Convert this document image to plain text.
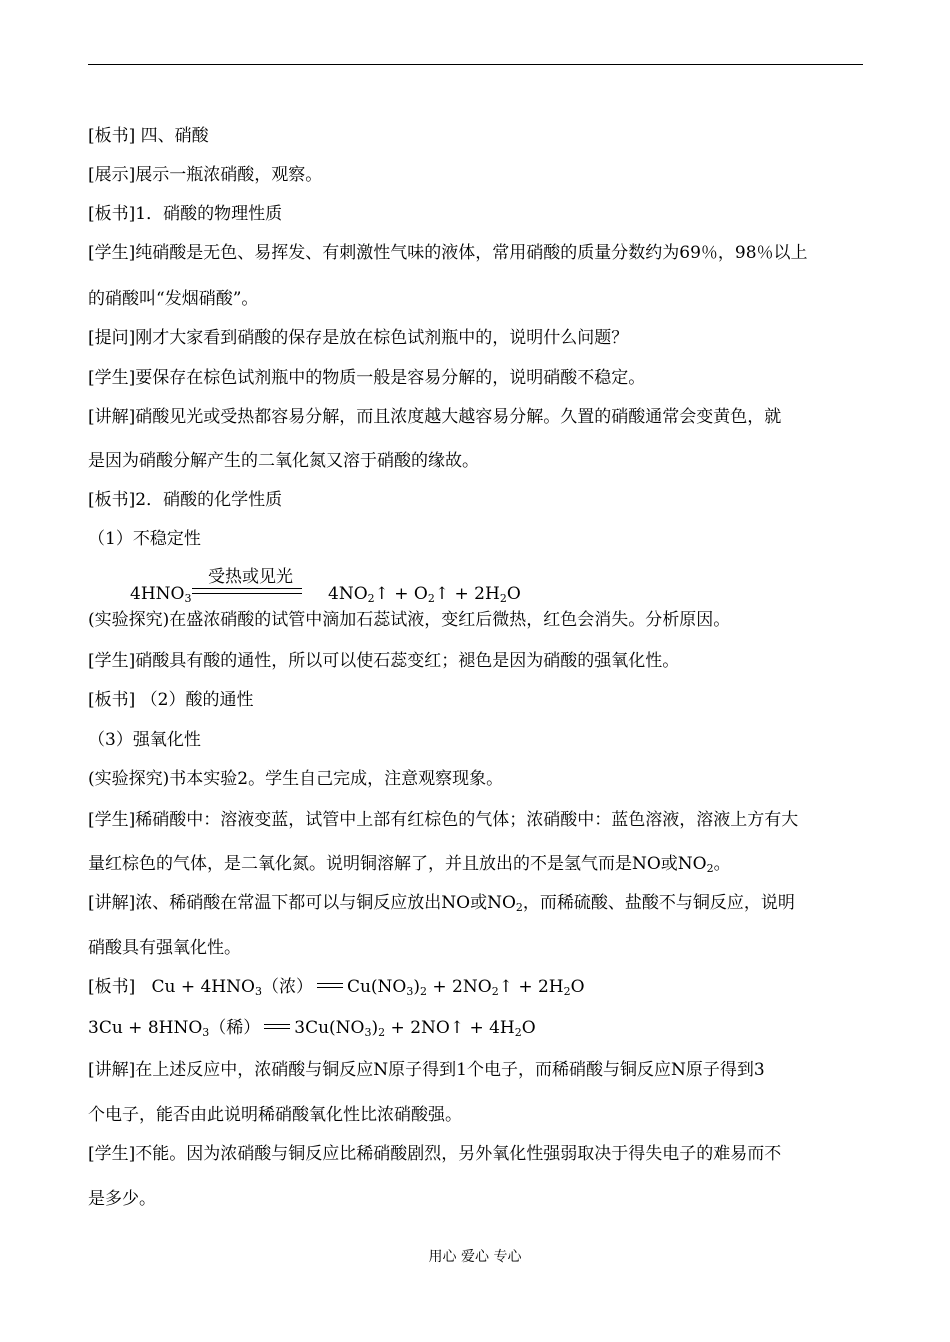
[板书] 四、硝酸
[展示]展示一瓶浓硝酸，观察。
[板书]1．硝酸的物理性质
[学生]纯硝酸是无色、易挥发、有刺激性气味的液体，常用硝酸的质量分数约为69％，98％以上
的硝酸叫“发烟硝酸”。
[提问]刚才大家看到硝酸的保存是放在棕色试剂瓶中的，说明什么问题？
[学生]要保存在棕色试剂瓶中的物质一般是容易分解的，说明硝酸不稳定。
[讲解]硝酸见光或受热都容易分解，而且浓度越大越容易分解。久置的硝酸通常会变黄色，就
是因为硝酸分解产生的二氧化氮又溶于硝酸的缘故。
[板书]2．硝酸的化学性质
（1）不稳定性
$4HNO_3$
受热或见光
$4NO_2↑$ + $O_2↑ + 2H_2O$
(实验探究)在盛浓硝酸的试管中滴加石蕊试液，变红后微热，红色会消失。分析原因。
[学生]硝酸具有酸的通性，所以可以使石蕊变红；褪色是因为硝酸的强氧化性。
[板书] （2）酸的通性
（3）强氧化性
(实验探究)书本实验2。学生自己完成，注意观察现象。
[学生]稀硝酸中：溶液变蓝，试管中上部有红棕色的气体；浓硝酸中：蓝色溶液，溶液上方有大
量红棕色的气体，是二氧化氮。说明铜溶解了，并且放出的不是氢气而是NO或$NO_2$。
[讲解]浓、稀硝酸在常温下都可以与铜反应放出NO或$NO_2$，而稀硫酸、盐酸不与铜反应，说明
硝酸具有强氧化性。
[板书] $Cu + 4HNO_3$（浓） $Cu(NO_3)_2$ + $2NO_2↑ + 2H_2O$
$3Cu + 8HNO_3$（稀） $3Cu(NO_3)_2$ + 2NO↑ + $4H_2O$
[讲解]在上述反应中，浓硝酸与铜反应N原子得到1个电子，而稀硝酸与铜反应N原子得到3
个电子，能否由此说明稀硝酸氧化性比浓硝酸强。
[学生]不能。因为浓硝酸与铜反应比稀硝酸剧烈，另外氧化性强弱取决于得失电子的难易而不
是多少。
用心 爱心 专心
